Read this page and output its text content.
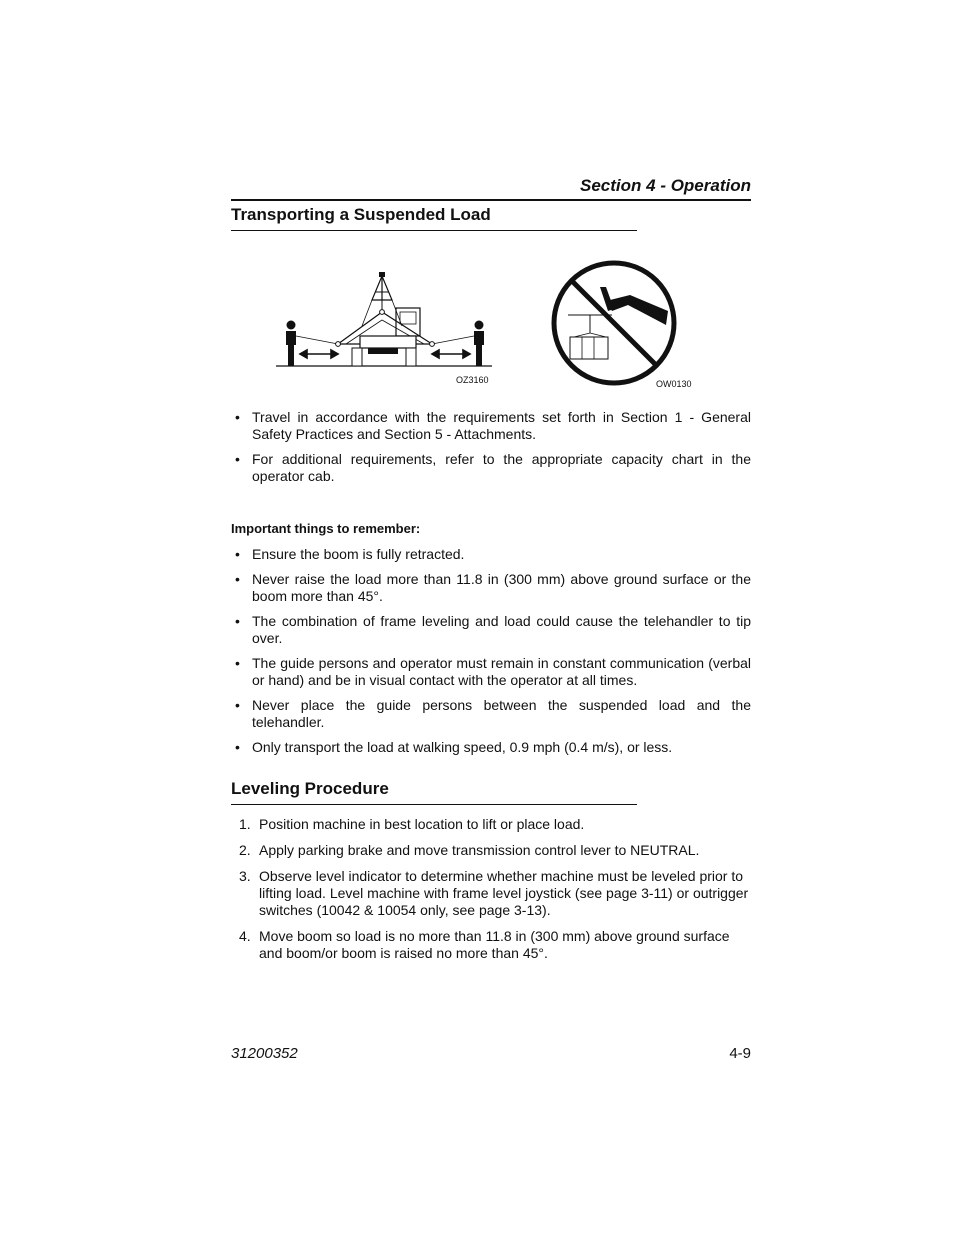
Section 4 - Operation
Transporting a Suspended Load
OZ3160	OW0130
• Travel in accordance with the requirements set forth in Section 1 - General Safety Practices and Section 5 - Attachments.
• For additional requirements, refer to the appropriate capacity chart in the operator cab.
Important things to remember:
• Ensure the boom is fully retracted.
• Never raise the load more than 11.8 in (300 mm) above ground surface or the boom more than 45°.
• The combination of frame leveling and load could cause the telehandler to tip over.
• The guide persons and operator must remain in constant communication (verbal or hand) and be in visual contact with the operator at all times.
• Never place the guide persons between the suspended load and the telehandler.
• Only transport the load at walking speed, 0.9 mph (0.4 m/s), or less.
Leveling Procedure
1. Position machine in best location to lift or place load.
2. Apply parking brake and move transmission control lever to NEUTRAL.
3. Observe level indicator to determine whether machine must be leveled prior to lifting load. Level machine with frame level joystick (see page 3-11) or outrigger switches (10042 & 10054 only, see page 3-13).
4. Move boom so load is no more than 11.8 in (300 mm) above ground surface and boom/or boom is raised no more than 45°.
31200352	4-9
